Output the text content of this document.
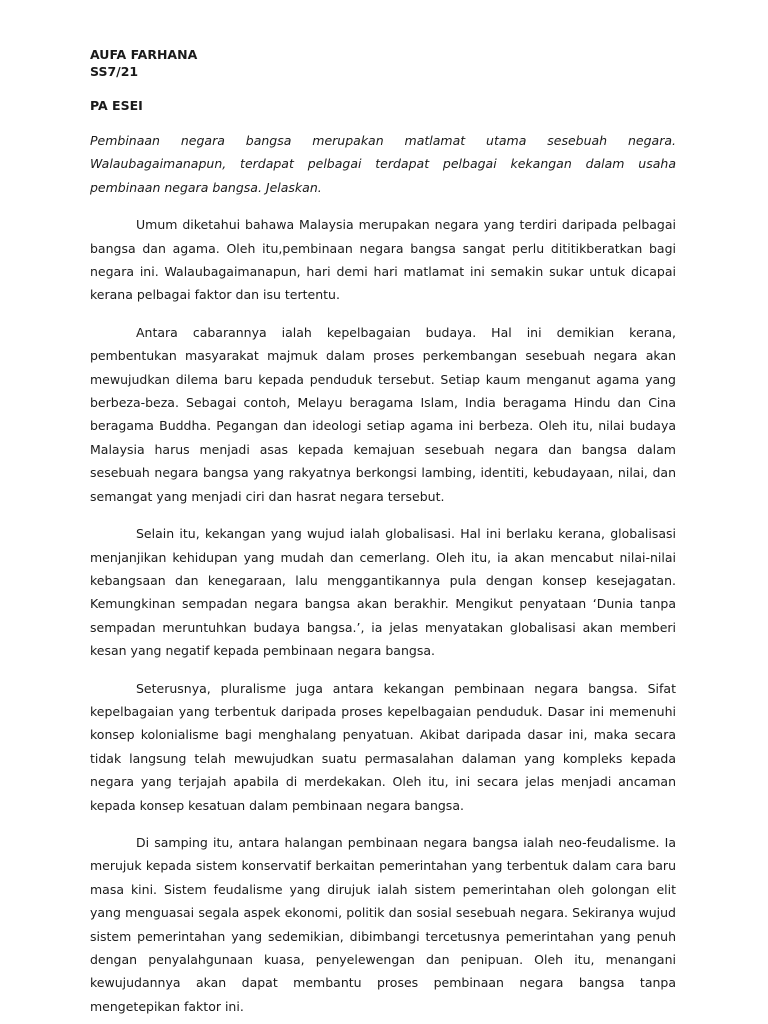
AUFA FARHANA

SS7/21

PA ESEI

Pembinaan negara bangsa merupakan matlamat utama sesebuah negara. Walaubagaimanapun, terdapat pelbagai terdapat pelbagai kekangan dalam usaha pembinaan negara bangsa. Jelaskan.

Umum diketahui bahawa Malaysia merupakan negara yang terdiri daripada pelbagai bangsa dan agama. Oleh itu,pembinaan negara bangsa sangat perlu dititikberatkan bagi negara ini. Walaubagaimanapun, hari demi hari matlamat ini semakin sukar untuk dicapai kerana pelbagai faktor dan isu tertentu.

Antara cabarannya ialah kepelbagaian budaya. Hal ini demikian kerana, pembentukan masyarakat majmuk dalam proses perkembangan sesebuah negara akan mewujudkan dilema baru kepada penduduk tersebut. Setiap kaum menganut agama yang berbeza-beza. Sebagai contoh, Melayu beragama Islam, India beragama Hindu dan Cina beragama Buddha. Pegangan dan ideologi setiap agama ini berbeza. Oleh itu, nilai budaya Malaysia harus menjadi asas kepada kemajuan sesebuah negara dan bangsa dalam sesebuah negara bangsa yang rakyatnya berkongsi lambing, identiti, kebudayaan, nilai, dan semangat yang menjadi ciri dan hasrat negara tersebut.

Selain itu, kekangan yang wujud ialah globalisasi. Hal ini berlaku kerana, globalisasi menjanjikan kehidupan yang mudah dan cemerlang. Oleh itu, ia akan mencabut nilai-nilai kebangsaan dan kenegaraan, lalu menggantikannya pula dengan konsep kesejagatan. Kemungkinan sempadan negara bangsa akan berakhir. Mengikut penyataan ‘Dunia tanpa sempadan meruntuhkan budaya bangsa.’, ia jelas menyatakan globalisasi akan memberi kesan yang negatif kepada pembinaan negara bangsa.

Seterusnya, pluralisme juga antara kekangan pembinaan negara bangsa. Sifat kepelbagaian yang terbentuk daripada proses kepelbagaian penduduk. Dasar ini memenuhi konsep kolonialisme bagi menghalang penyatuan. Akibat daripada dasar ini, maka secara tidak langsung telah mewujudkan suatu permasalahan dalaman yang kompleks kepada negara yang terjajah apabila di merdekakan. Oleh itu, ini secara jelas menjadi ancaman kepada konsep kesatuan dalam pembinaan negara bangsa.

Di samping itu, antara halangan pembinaan negara bangsa ialah neo-feudalisme. Ia merujuk kepada sistem konservatif berkaitan pemerintahan yang terbentuk dalam cara baru masa kini. Sistem feudalisme yang dirujuk ialah sistem pemerintahan oleh golongan elit yang menguasai segala aspek ekonomi, politik dan sosial sesebuah negara. Sekiranya wujud sistem pemerintahan yang sedemikian, dibimbangi tercetusnya pemerintahan yang penuh dengan penyalahgunaan kuasa, penyelewengan dan penipuan. Oleh itu, menangani kewujudannya akan dapat membantu proses pembinaan negara bangsa tanpa mengetepikan faktor ini.
